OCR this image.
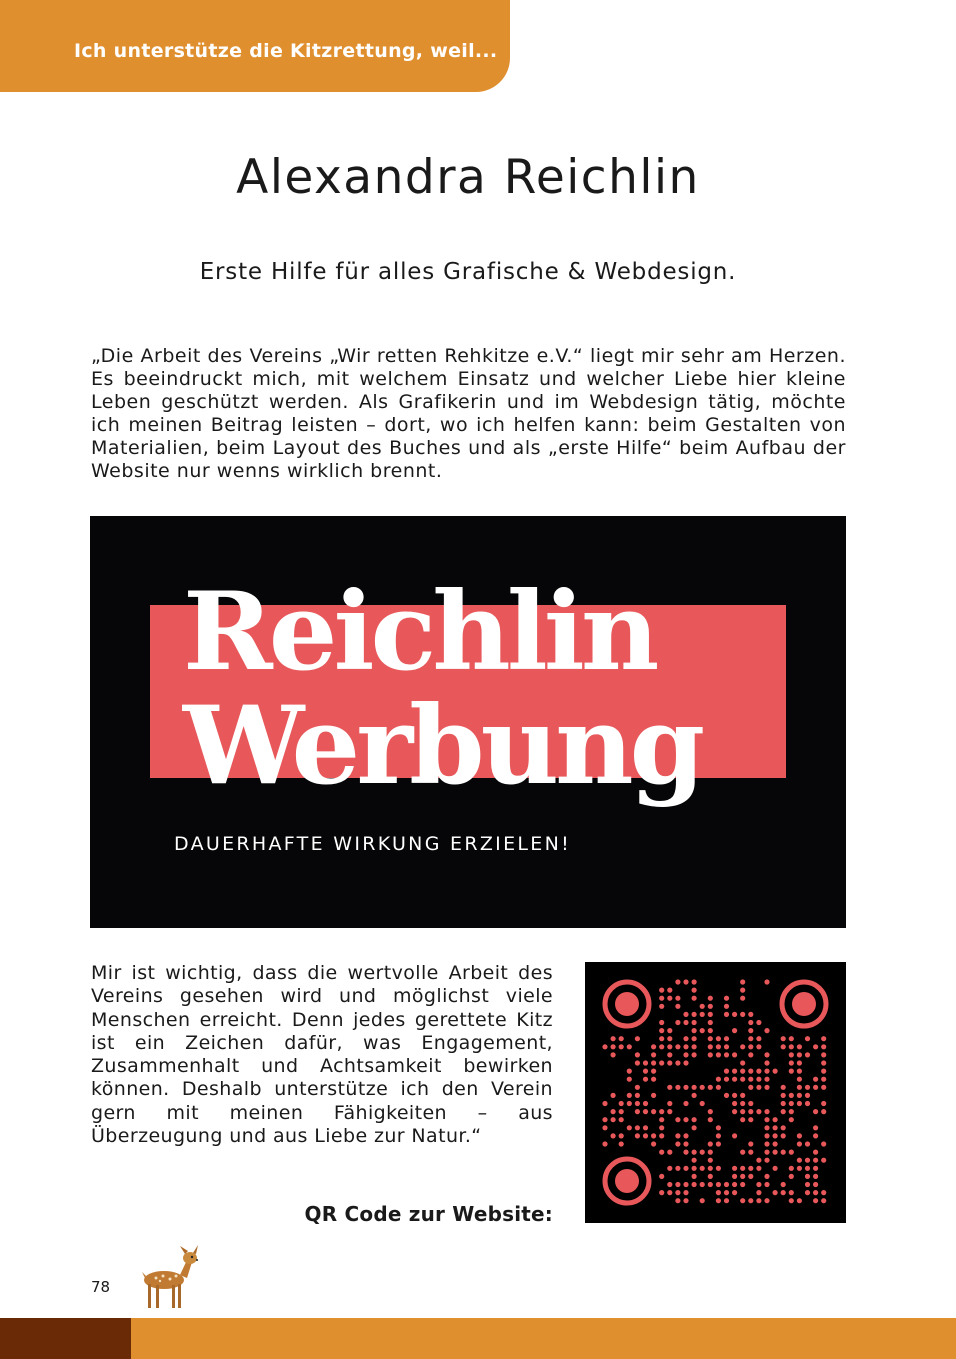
Ich unterstütze die Kitzrettung, weil...
Alexandra Reichlin
Erste Hilfe für alles Grafische & Webdesign.
„Die Arbeit des Vereins „Wir retten Rehkitze e.V.“ liegt mir sehr am Herzen. Es beeindruckt mich, mit welchem Einsatz und welcher Liebe hier kleine Leben geschützt werden. Als Grafikerin und im Webdesign tätig, möchte ich meinen Beitrag leisten – dort, wo ich helfen kann: beim Gestalten von Materialien, beim Layout des Buches und als „erste Hilfe“ beim Aufbau der Website nur wenns wirklich brennt.
Reichlin
Werbung
DAUERHAFTE WIRKUNG ERZIELEN!
Mir ist wichtig, dass die wertvolle Arbeit des Vereins gesehen wird und möglichst viele Menschen erreicht. Denn jedes gerettete Kitz ist ein Zeichen dafür, was Engagement, Zusammenhalt und Achtsamkeit bewirken können. Deshalb unterstütze ich den Verein gern mit meinen Fähigkeiten – aus Überzeugung und aus Liebe zur Natur.“
QR Code zur Website:
78
